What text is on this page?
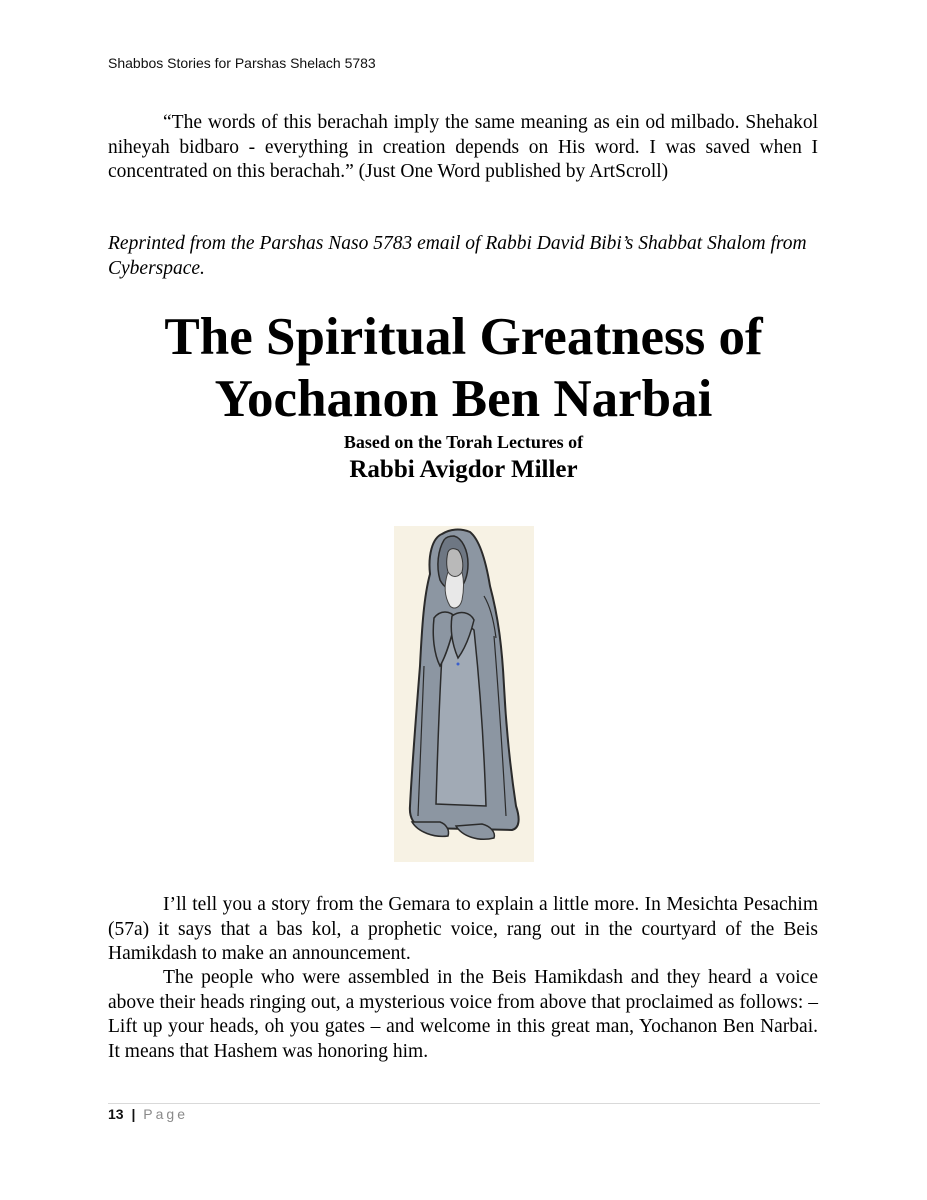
Shabbos Stories for Parshas Shelach 5783

“The words of this berachah imply the same meaning as ein od milbado. Shehakol niheyah bidbaro - everything in creation depends on His word. I was saved when I concentrated on this berachah.” (Just One Word published by ArtScroll)

Reprinted from the Parshas Naso 5783 email of Rabbi David Bibi’s Shabbat Shalom from Cyberspace.

The Spiritual Greatness of
Yochanon Ben Narbai
Based on the Torah Lectures of
Rabbi Avigdor Miller

I’ll tell you a story from the Gemara to explain a little more. In Mesichta Pesachim (57a) it says that a bas kol, a prophetic voice, rang out in the courtyard of the Beis Hamikdash to make an announcement.

The people who were assembled in the Beis Hamikdash and they heard a voice above their heads ringing out, a mysterious voice from above that proclaimed as follows: – Lift up your heads, oh you gates – and welcome in this great man, Yochanon Ben Narbai. It means that Hashem was honoring him.

13 | Page
